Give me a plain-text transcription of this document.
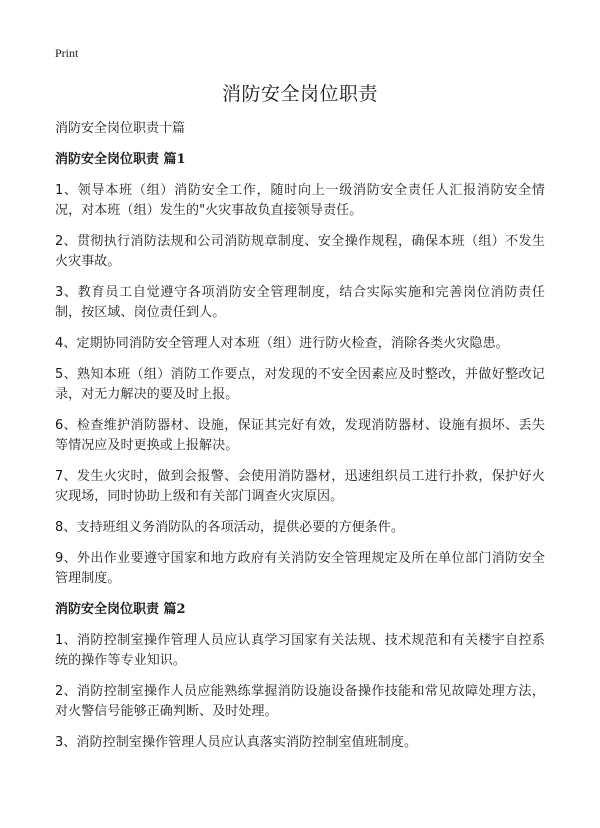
Print

消防安全岗位职责

消防安全岗位职责十篇

消防安全岗位职责 篇1

1、领导本班（组）消防安全工作，随时向上一级消防安全责任人汇报消防安全情况，对本班（组）发生的"火灾事故负直接领导责任。

2、贯彻执行消防法规和公司消防规章制度、安全操作规程，确保本班（组）不发生火灾事故。

3、教育员工自觉遵守各项消防安全管理制度，结合实际实施和完善岗位消防责任制，按区域、岗位责任到人。

4、定期协同消防安全管理人对本班（组）进行防火检查，消除各类火灾隐患。

5、熟知本班（组）消防工作要点，对发现的不安全因素应及时整改，并做好整改记录，对无力解决的要及时上报。

6、检查维护消防器材、设施，保证其完好有效，发现消防器材、设施有损坏、丢失等情况应及时更换或上报解决。

7、发生火灾时，做到会报警、会使用消防器材，迅速组织员工进行扑救，保护好火灾现场，同时协助上级和有关部门调查火灾原因。

8、支持班组义务消防队的各项活动，提供必要的方便条件。

9、外出作业要遵守国家和地方政府有关消防安全管理规定及所在单位部门消防安全管理制度。

消防安全岗位职责 篇2

1、消防控制室操作管理人员应认真学习国家有关法规、技术规范和有关楼宇自控系统的操作等专业知识。

2、消防控制室操作人员应能熟练掌握消防设施设备操作技能和常见故障处理方法，对火警信号能够正确判断、及时处理。

3、消防控制室操作管理人员应认真落实消防控制室值班制度。
